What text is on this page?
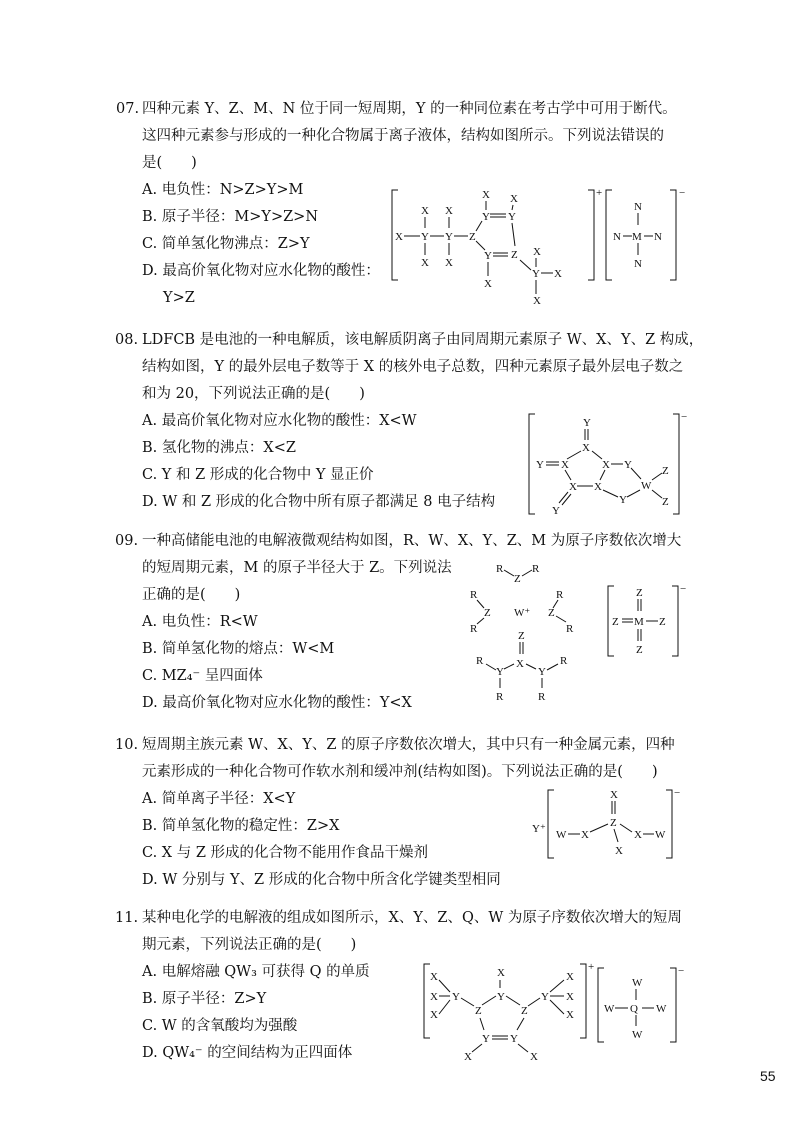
07. 四种元素 Y、Z、M、N 位于同一短周期，Y 的一种同位素在考古学中可用于断代。
这四种元素参与形成的一种化合物属于离子液体，结构如图所示。下列说法错误的
是(　　)
A. 电负性：N>Z>Y>M
B. 原子半径：M>Y>Z>N
C. 简单氢化物沸点：Z>Y
D. 最高价氧化物对应水化物的酸性：
Y>Z
+	−
X Y
X
X
Y
X
X
Z
Y Y
Z
Y
X X
X
Y
X
X
X
N
N M N
N
08. LDFCB 是电池的一种电解质，该电解质阴离子由同周期元素原子 W、X、Y、Z 构成，
结构如图，Y 的最外层电子数等于 X 的核外电子总数，四种元素原子最外层电子数之
和为 20，下列说法正确的是(　　)
A. 最高价氧化物对应水化物的酸性：X<W
B. 氢化物的沸点：X<Z
C. Y 和 Z 形成的化合物中 Y 显正价
D. W 和 Z 形成的化合物中所有原子都满足 8 电子结构
−
Y
X
X
Y	X Y
W
Z
Z
Y
X
X
Y
09. 一种高储能电池的电解液微观结构如图，R、W、X、Y、Z、M 为原子序数依次增大
的短周期元素，M 的原子半径大于 Z。下列说法
正确的是(　　)
A. 电负性：R<W
B. 简单氢化物的熔点：W<M
C. MZ₄⁻ 呈四面体
D. 最高价氧化物对应水化物的酸性：Y<X
R
Z
R
R
Z
R
W⁺
R
Z
R
Z
X
Y
R
R
Y
R
R
−
Z
Z M Z
Z
10. 短周期主族元素 W、X、Y、Z 的原子序数依次增大，其中只有一种金属元素，四种
元素形成的一种化合物可作软水剂和缓冲剂(结构如图)。下列说法正确的是(　　)
A. 简单离子半径：X<Y
B. 简单氢化物的稳定性：Z>X
C. X 与 Z 形成的化合物不能用作食品干燥剂
D. W 分别与 Y、Z 形成的化合物中所含化学键类型相同
Y⁺
−
X
Z
W X	X W
X
11. 某种电化学的电解液的组成如图所示，X、Y、Z、Q、W 为原子序数依次增大的短周
期元素，下列说法正确的是(　　)
A. 电解熔融 QW₃ 可获得 Q 的单质
B. 原子半径：Z>Y
C. W 的含氧酸均为强酸
D. QW₄⁻ 的空间结构为正四面体
+
X
X
X
Y
Z
Y
X
Z
Y
X
X
X
Y Y
X	X
−
W
W Q W
W
55
